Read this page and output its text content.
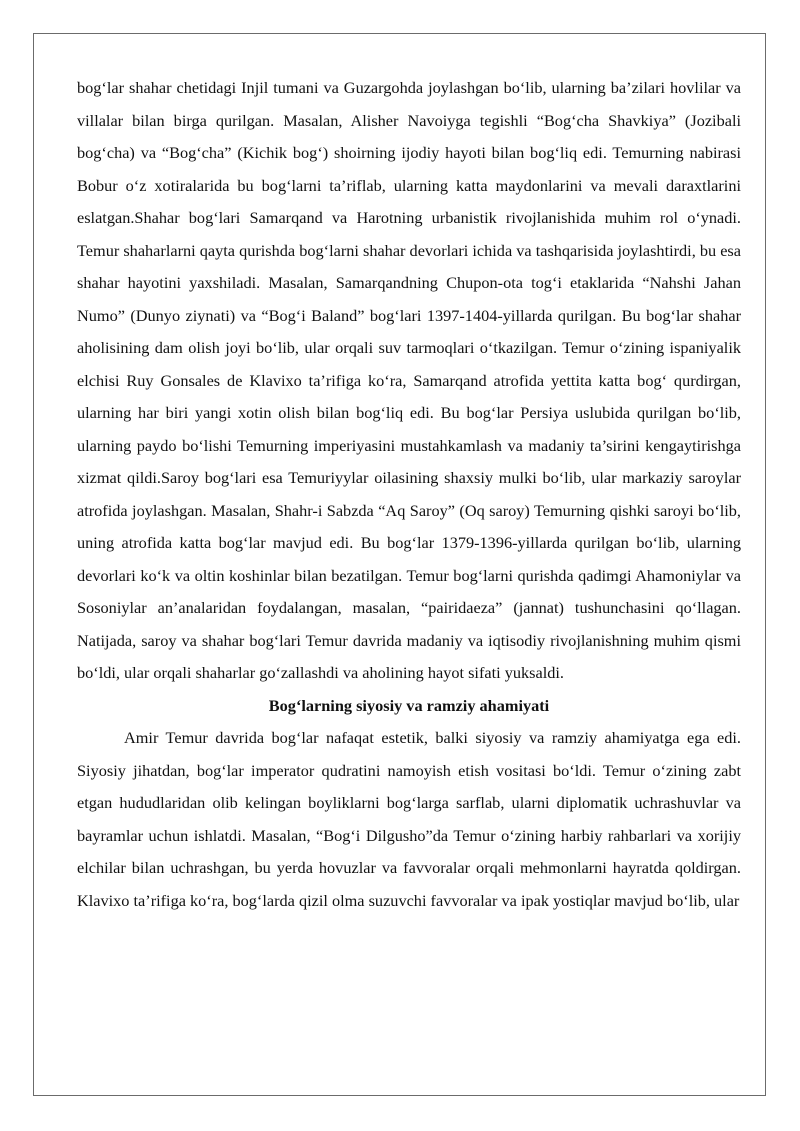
bog‘lar shahar chetidagi Injil tumani va Guzargohda joylashgan bo‘lib, ularning ba’zilari hovlilar va villalar bilan birga qurilgan. Masalan, Alisher Navoiyga tegishli “Bog‘cha Shavkiya” (Jozibali bog‘cha) va “Bog‘cha” (Kichik bog‘) shoirning ijodiy hayoti bilan bog‘liq edi. Temurning nabirasi Bobur o‘z xotiralarida bu bog‘larni ta’riflab, ularning katta maydonlarini va mevali daraxtlarini eslatgan.Shahar bog‘lari Samarqand va Harotning urbanistik rivojlanishida muhim rol o‘ynadi. Temur shaharlarni qayta qurishda bog‘larni shahar devorlari ichida va tashqarisida joylashtirdi, bu esa shahar hayotini yaxshiladi. Masalan, Samarqandning Chupon-ota tog‘i etaklarida “Nahshi Jahan Numo” (Dunyo ziynati) va “Bog‘i Baland” bog‘lari 1397-1404-yillarda qurilgan. Bu bog‘lar shahar aholisining dam olish joyi bo‘lib, ular orqali suv tarmoqlari o‘tkazilgan. Temur o‘zining ispaniyalik elchisi Ruy Gonsales de Klavixo ta’rifiga ko‘ra, Samarqand atrofida yettita katta bog‘ qurdirgan, ularning har biri yangi xotin olish bilan bog‘liq edi. Bu bog‘lar Persiya uslubida qurilgan bo‘lib, ularning paydo bo‘lishi Temurning imperiyasini mustahkamlash va madaniy ta’sirini kengaytirishga xizmat qildi.Saroy bog‘lari esa Temuriyylar oilasining shaxsiy mulki bo‘lib, ular markaziy saroylar atrofida joylashgan. Masalan, Shahr-i Sabzda “Aq Saroy” (Oq saroy) Temurning qishki saroyi bo‘lib, uning atrofida katta bog‘lar mavjud edi. Bu bog‘lar 1379-1396-yillarda qurilgan bo‘lib, ularning devorlari ko‘k va oltin koshinlar bilan bezatilgan. Temur bog‘larni qurishda qadimgi Ahamoniylar va Sosoniylar an’analaridan foydalangan, masalan, “pairidaeza” (jannat) tushunchasini qo‘llagan. Natijada, saroy va shahar bog‘lari Temur davrida madaniy va iqtisodiy rivojlanishning muhim qismi bo‘ldi, ular orqali shaharlar go‘zallashdi va aholining hayot sifati yuksaldi.

Bog‘larning siyosiy va ramziy ahamiyati

Amir Temur davrida bog‘lar nafaqat estetik, balki siyosiy va ramziy ahamiyatga ega edi. Siyosiy jihatdan, bog‘lar imperator qudratini namoyish etish vositasi bo‘ldi. Temur o‘zining zabt etgan hududlaridan olib kelingan boyliklarni bog‘larga sarflab, ularni diplomatik uchrashuvlar va bayramlar uchun ishlatdi. Masalan, “Bog‘i Dilgusho”da Temur o‘zining harbiy rahbarlari va xorijiy elchilar bilan uchrashgan, bu yerda hovuzlar va favvoralar orqali mehmonlarni hayratda qoldirgan. Klavixo ta’rifiga ko‘ra, bog‘larda qizil olma suzuvchi favvoralar va ipak yostiqlar mavjud bo‘lib, ular
